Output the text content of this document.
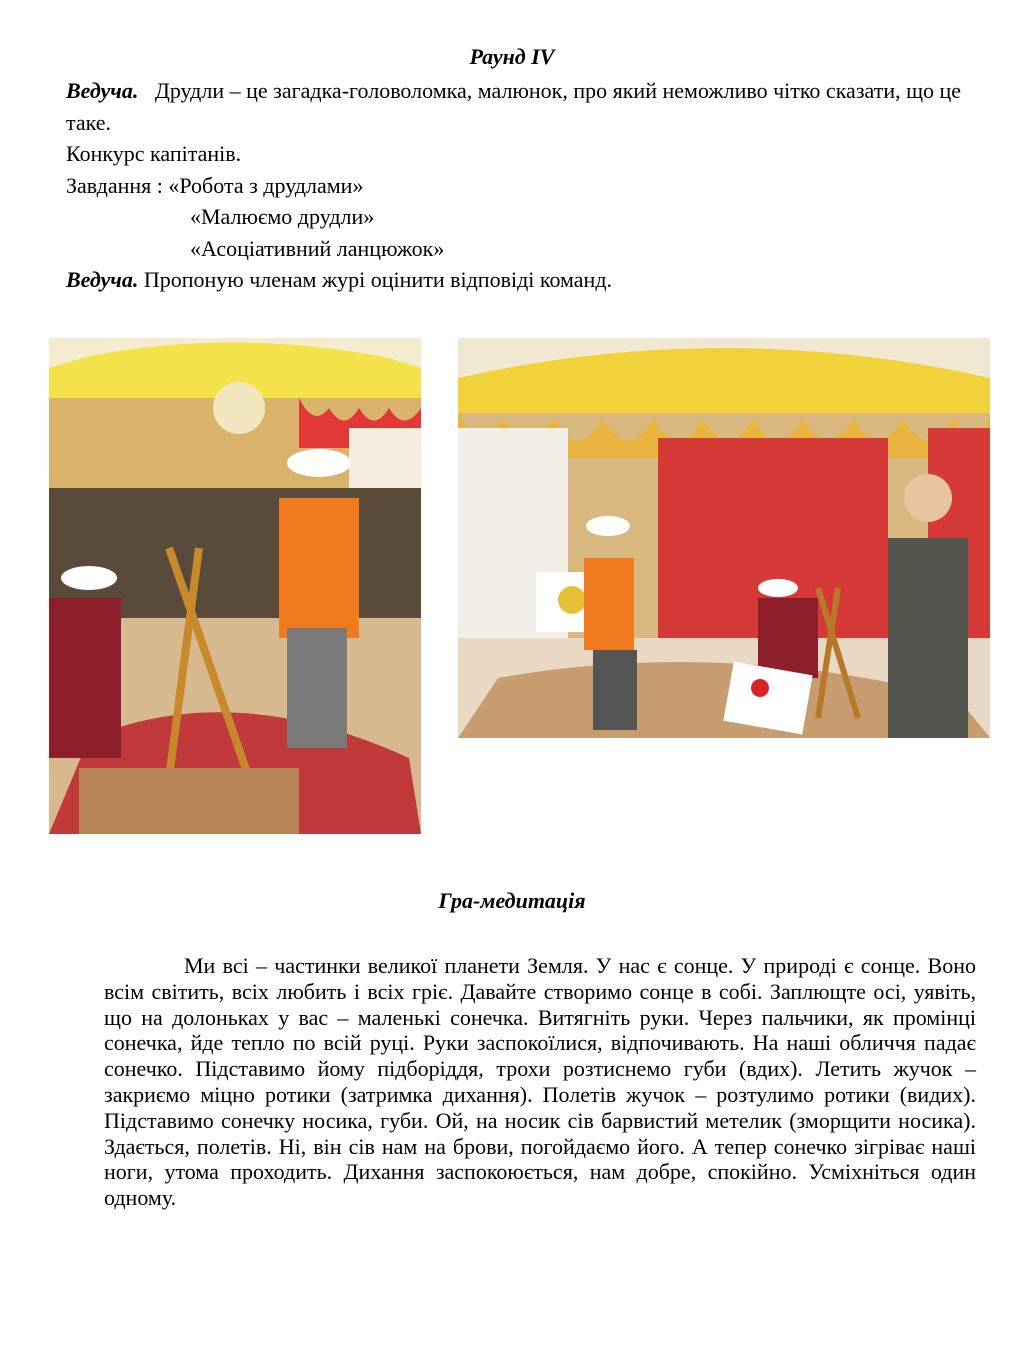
Раунд IV

Ведуча. Друдли – це загадка-головоломка, малюнок, про який неможливо чітко сказати, що це таке.

Конкурс капітанів.

Завдання : «Робота з друдлами»

«Малюємо друдли»

«Асоціативний ланцюжок»

Ведуча. Пропоную членам журі оцінити відповіді команд.

Гра-медитація
Ми всі – частинки великої планети Земля. У нас є сонце. У природі є сонце. Воно всім світить, всіх любить і всіх гріє. Давайте створимо сонце в собі. Заплющте осі, уявіть, що на долоньках у вас – маленькі сонечка. Витягніть руки. Через пальчики, як промінці сонечка, йде тепло по всій руці. Руки заспокоїлися, відпочивають. На наші обличчя падає сонечко. Підставимо йому підборіддя, трохи розтиснемо губи (вдих). Летить жучок – закриємо міцно ротики (затримка дихання). Полетів жучок – розтулимо ротики (видих). Підставимо сонечку носика, губи. Ой, на носик сів барвистий метелик (зморщити носика). Здається, полетів. Ні, він сів нам на брови, погойдаємо його. А тепер сонечко зігріває наші ноги, утома проходить. Дихання заспокоюється, нам добре, спокійно. Усміхніться один одному.
